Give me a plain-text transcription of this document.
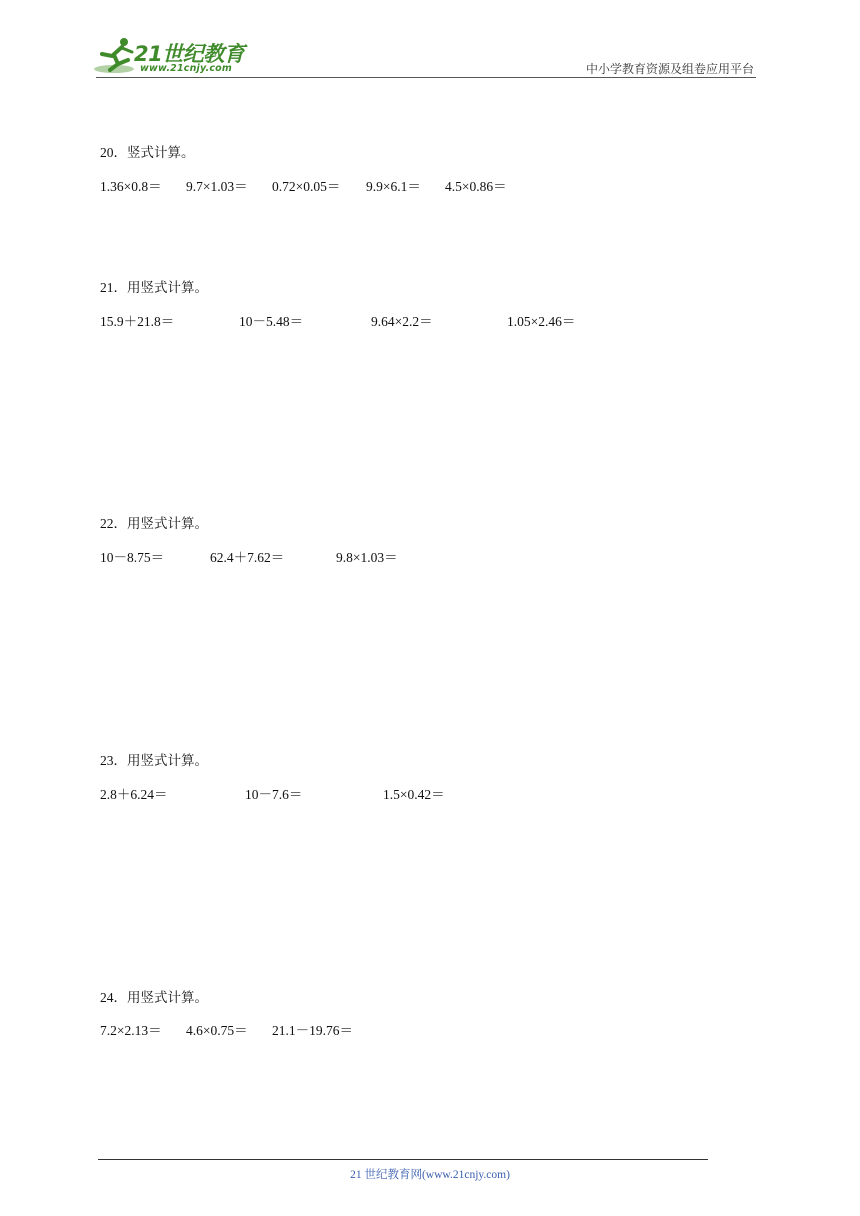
21世纪教育
www.21cnjy.com	中小学教育资源及组卷应用平台
20．竖式计算。
1.36×0.8＝ 9.7×1.03＝ 0.72×0.05＝ 9.9×6.1＝ 4.5×0.86＝
21．用竖式计算。
15.9＋21.8＝	10－5.48＝	9.64×2.2＝	1.05×2.46＝
22．用竖式计算。
10－8.75＝	62.4＋7.62＝	9.8×1.03＝
23．用竖式计算。
2.8＋6.24＝	10－7.6＝	1.5×0.42＝
24．用竖式计算。
7.2×2.13＝ 4.6×0.75＝ 21.1－19.76＝
21 世纪教育网(www.21cnjy.com)
